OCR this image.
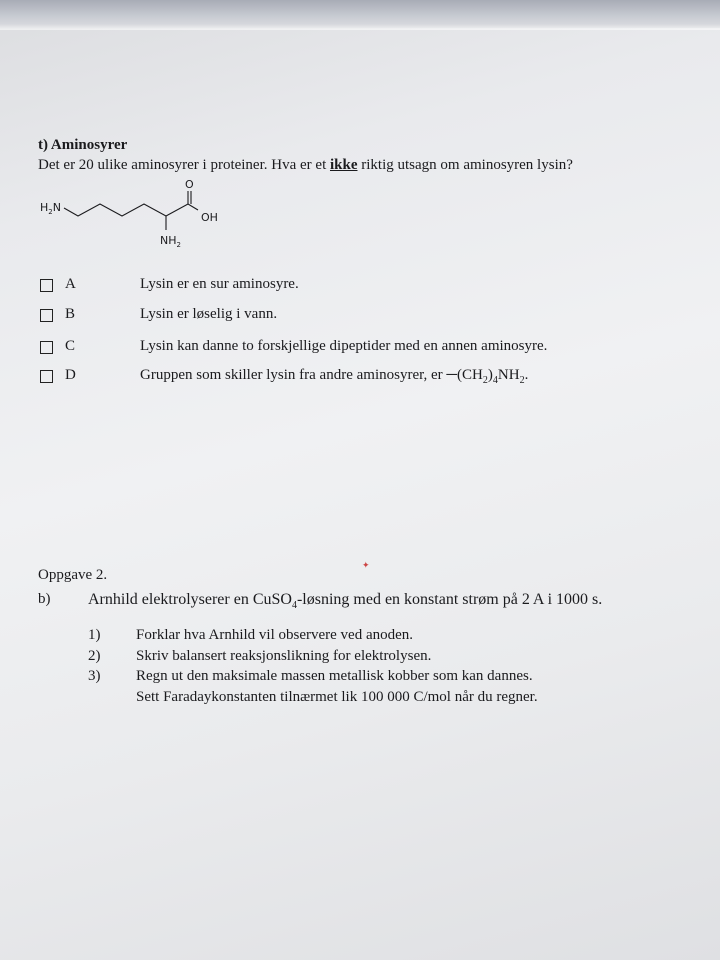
t) Aminosyrer
Det er 20 ulike aminosyrer i proteiner. Hva er et ikke riktig utsagn om aminosyren lysin?
$H_2N$
O
OH
$NH_2$
A	Lysin er en sur aminosyre.
B	Lysin er løselig i vann.
C	Lysin kan danne to forskjellige dipeptider med en annen aminosyre.
D	Gruppen som skiller lysin fra andre aminosyrer, er $─(CH_2)_4NH_2$.
✦
Oppgave 2.
b) Arnhild elektrolyserer en CuSO$_4$-løsning med en konstant strøm på 2 A i 1000 s.
1) Forklar hva Arnhild vil observere ved anoden.
2) Skriv balansert reaksjonslikning for elektrolysen.
3) Regn ut den maksimale massen metallisk kobber som kan dannes.
Sett Faradaykonstanten tilnærmet lik 100 000 C/mol når du regner.
